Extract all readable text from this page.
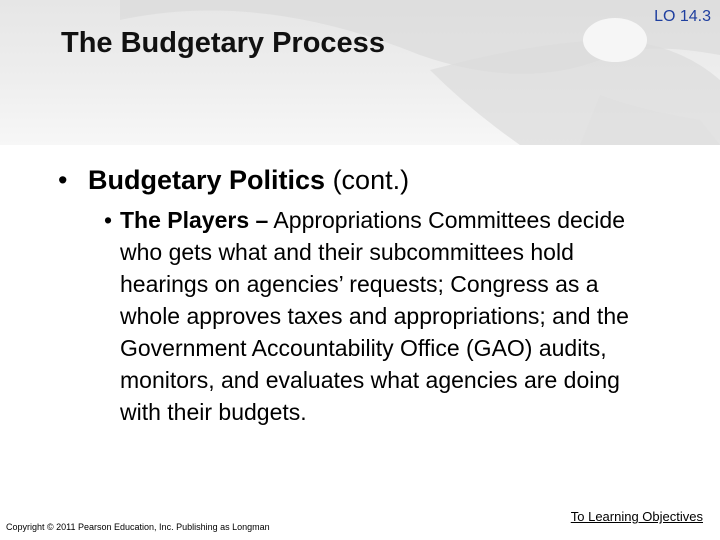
LO 14.3
The Budgetary Process

• Budgetary Politics (cont.)

• The Players – Appropriations Committees decide who gets what and their subcommittees hold hearings on agencies’ requests; Congress as a whole approves taxes and appropriations; and the Government Accountability Office (GAO) audits, monitors, and evaluates what agencies are doing with their budgets.
To Learning Objectives
Copyright © 2011 Pearson Education, Inc. Publishing as Longman
